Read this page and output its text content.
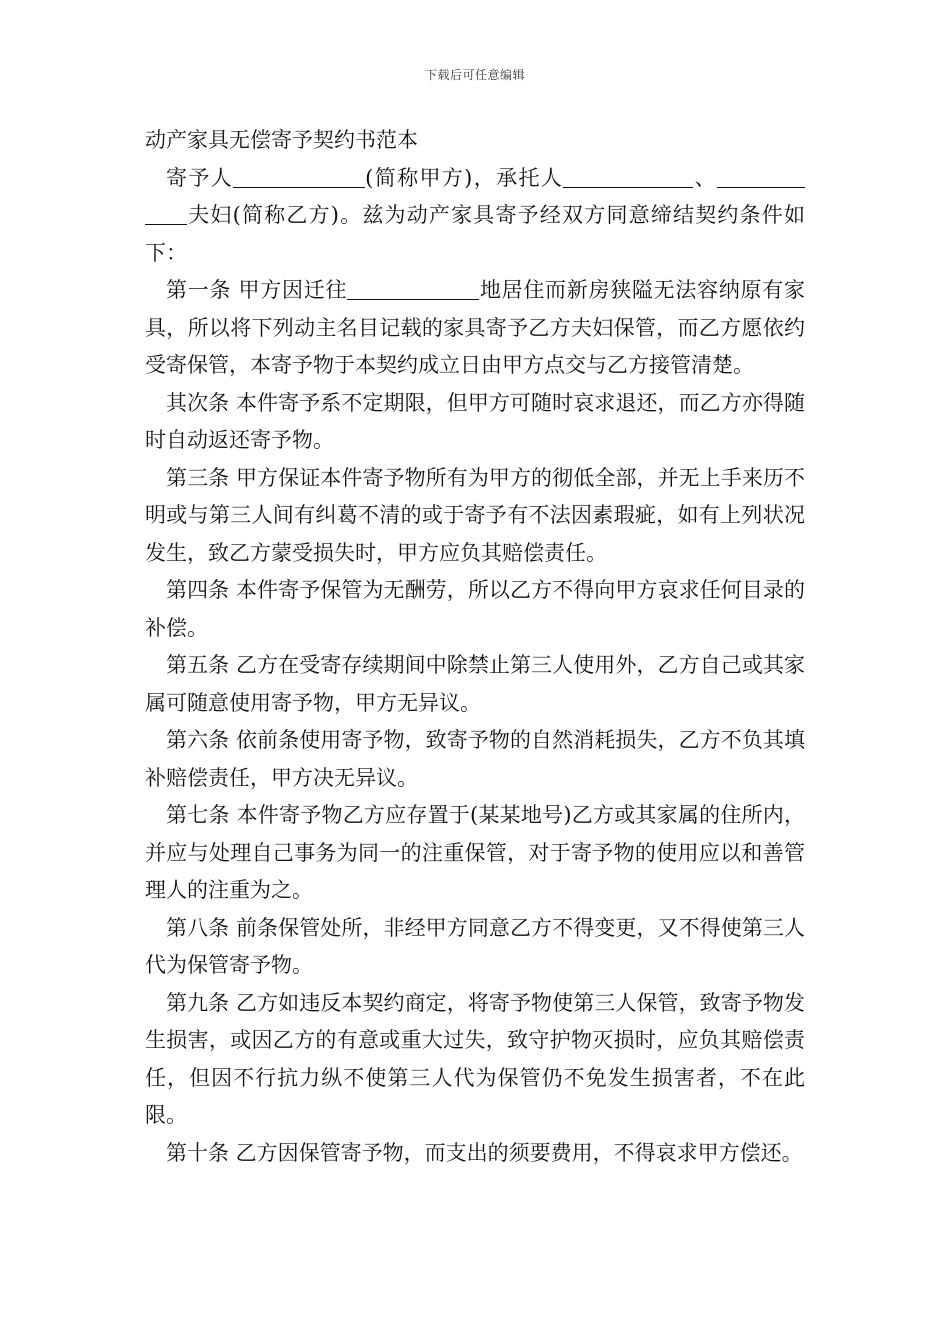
下载后可任意编辑
动产家具无偿寄予契约书范本

寄予人	(简称甲方)，承托人	、夫妇(简称乙方)。兹为动产家具寄予经双方同意缔结契约条件如下：

第一条 甲方因迁往	地居住而新房狭隘无法容纳原有家具，所以将下列动主名目记载的家具寄予乙方夫妇保管，而乙方愿依约受寄保管，本寄予物于本契约成立日由甲方点交与乙方接管清楚。

其次条 本件寄予系不定期限，但甲方可随时哀求退还，而乙方亦得随时自动返还寄予物。

第三条 甲方保证本件寄予物所有为甲方的彻低全部，并无上手来历不明或与第三人间有纠葛不清的或于寄予有不法因素瑕疵，如有上列状况发生，致乙方蒙受损失时，甲方应负其赔偿责任。

第四条 本件寄予保管为无酬劳，所以乙方不得向甲方哀求任何目录的补偿。

第五条 乙方在受寄存续期间中除禁止第三人使用外，乙方自己或其家属可随意使用寄予物，甲方无异议。

第六条 依前条使用寄予物，致寄予物的自然消耗损失，乙方不负其填补赔偿责任，甲方决无异议。

第七条 本件寄予物乙方应存置于(某某地号)乙方或其家属的住所内，并应与处理自己事务为同一的注重保管，对于寄予物的使用应以和善管理人的注重为之。

第八条 前条保管处所，非经甲方同意乙方不得变更，又不得使第三人代为保管寄予物。

第九条 乙方如违反本契约商定，将寄予物使第三人保管，致寄予物发生损害，或因乙方的有意或重大过失，致守护物灭损时，应负其赔偿责任，但因不行抗力纵不使第三人代为保管仍不免发生损害者，不在此限。

第十条 乙方因保管寄予物，而支出的须要费用，不得哀求甲方偿还。
